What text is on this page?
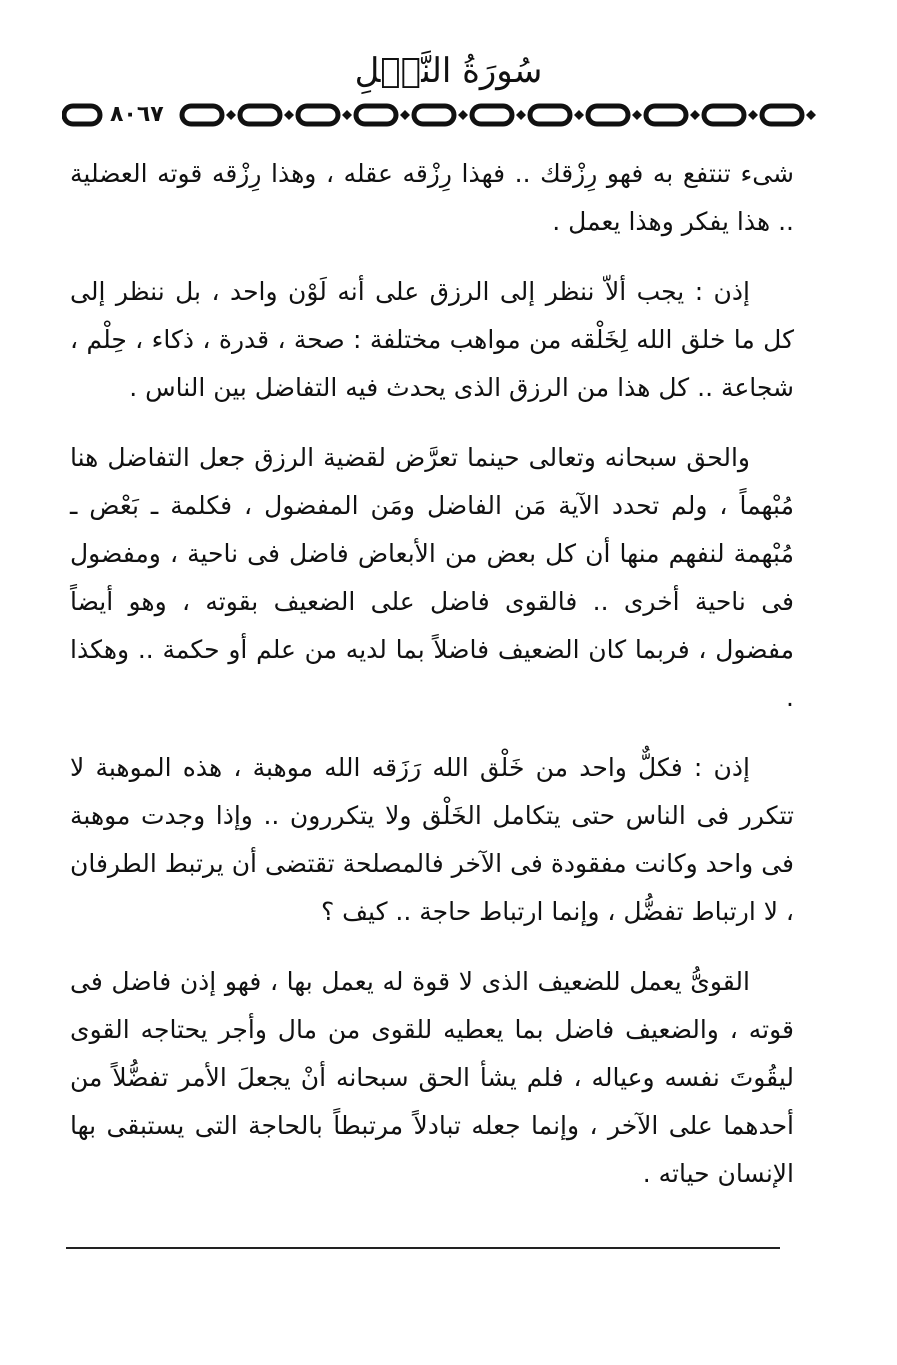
سُورَةُ النَّحۡلِ
٨٠٦٧

شىء تنتفع به فهو رِزْقك .. فهذا رِزْقه عقله ، وهذا رِزْقه قوته العضلية .. هذا يفكر وهذا يعمل .

إذن : يجب ألاّ ننظر إلى الرزق على أنه لَوْن واحد ، بل ننظر إلى كل ما خلق الله لِخَلْقه من مواهب مختلفة : صحة ، قدرة ، ذكاء ، حِلْم ، شجاعة .. كل هذا من الرزق الذى يحدث فيه التفاضل بين الناس .

والحق سبحانه وتعالى حينما تعرَّض لقضية الرزق جعل التفاضل هنا مُبْهماً ، ولم تحدد الآية مَن الفاضل ومَن المفضول ، فكلمة ـ بَعْض ـ مُبْهمة لنفهم منها أن كل بعض من الأبعاض فاضل فى ناحية ، ومفضول فى ناحية أخرى .. فالقوى فاضل على الضعيف بقوته ، وهو أيضاً مفضول ، فربما كان الضعيف فاضلاً بما لديه من علم أو حكمة .. وهكذا .

إذن : فكلٌّ واحد من خَلْق الله رَزَقه الله موهبة ، هذه الموهبة لا تتكرر فى الناس حتى يتكامل الخَلْق ولا يتكررون .. وإذا وجدت موهبة فى واحد وكانت مفقودة فى الآخر فالمصلحة تقتضى أن يرتبط الطرفان ، لا ارتباط تفضُّل ، وإنما ارتباط حاجة .. كيف ؟

القوىُّ يعمل للضعيف الذى لا قوة له يعمل بها ، فهو إذن فاضل فى قوته ، والضعيف فاضل بما يعطيه للقوى من مال وأجر يحتاجه القوى ليقُوتَ نفسه وعياله ، فلم يشأ الحق سبحانه أنْ يجعلَ الأمر تفضُّلاً من أحدهما على الآخر ، وإنما جعله تبادلاً مرتبطاً بالحاجة التى يستبقى بها الإنسان حياته .
